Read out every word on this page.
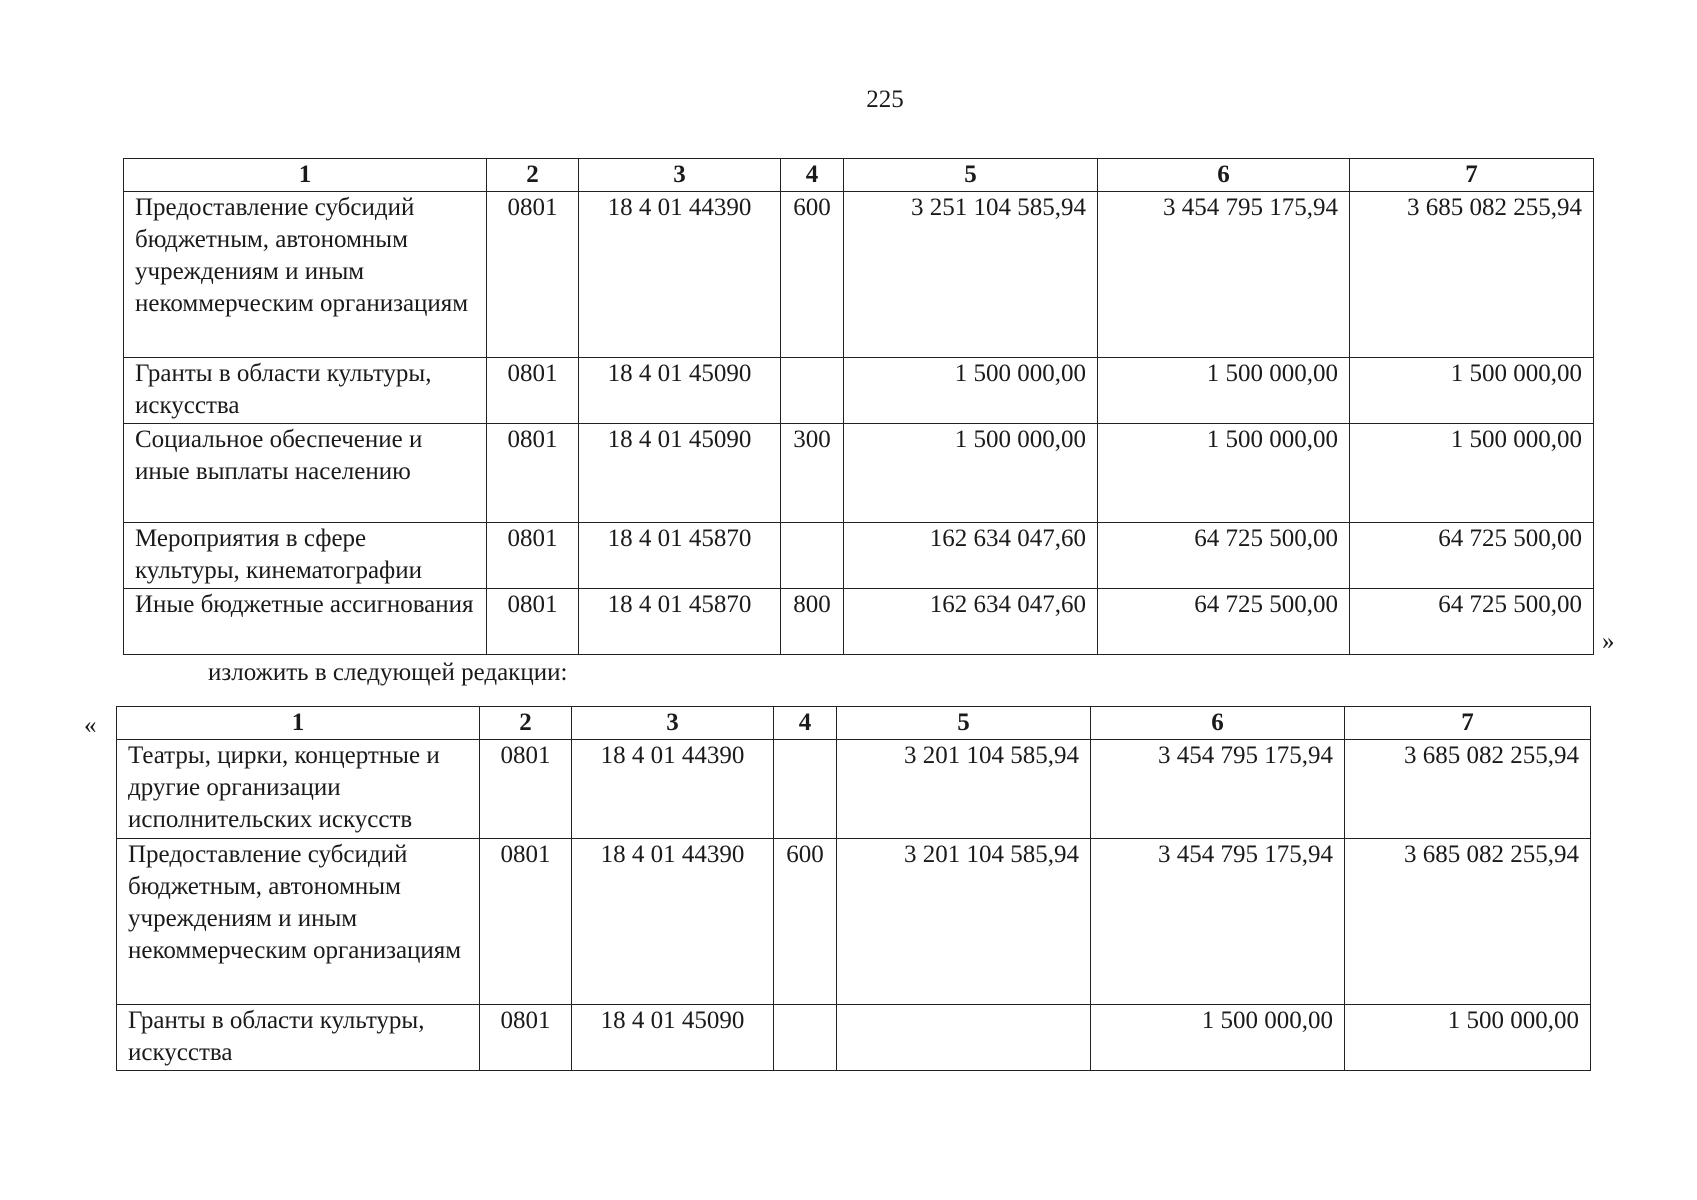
225
1	2	3	4	5	6	7
Предоставление субсидий бюджетным, автономным учреждениям и иным некоммерческим организациям	0801	18 4 01 44390	600	3 251 104 585,94	3 454 795 175,94	3 685 082 255,94
Гранты в области культуры, искусства	0801	18 4 01 45090		1 500 000,00	1 500 000,00	1 500 000,00
Социальное обеспечение и иные выплаты населению	0801	18 4 01 45090	300	1 500 000,00	1 500 000,00	1 500 000,00
Мероприятия в сфере культуры, кинематографии	0801	18 4 01 45870		162 634 047,60	64 725 500,00	64 725 500,00
Иные бюджетные ассигнования	0801	18 4 01 45870	800	162 634 047,60	64 725 500,00	64 725 500,00
»
изложить в следующей редакции:
«	1	2	3	4	5	6	7
Театры, цирки, концертные и другие организации исполнительских искусств	0801	18 4 01 44390		3 201 104 585,94	3 454 795 175,94	3 685 082 255,94
Предоставление субсидий бюджетным, автономным учреждениям и иным некоммерческим организациям	0801	18 4 01 44390	600	3 201 104 585,94	3 454 795 175,94	3 685 082 255,94
Гранты в области культуры, искусства	0801	18 4 01 45090			1 500 000,00	1 500 000,00
